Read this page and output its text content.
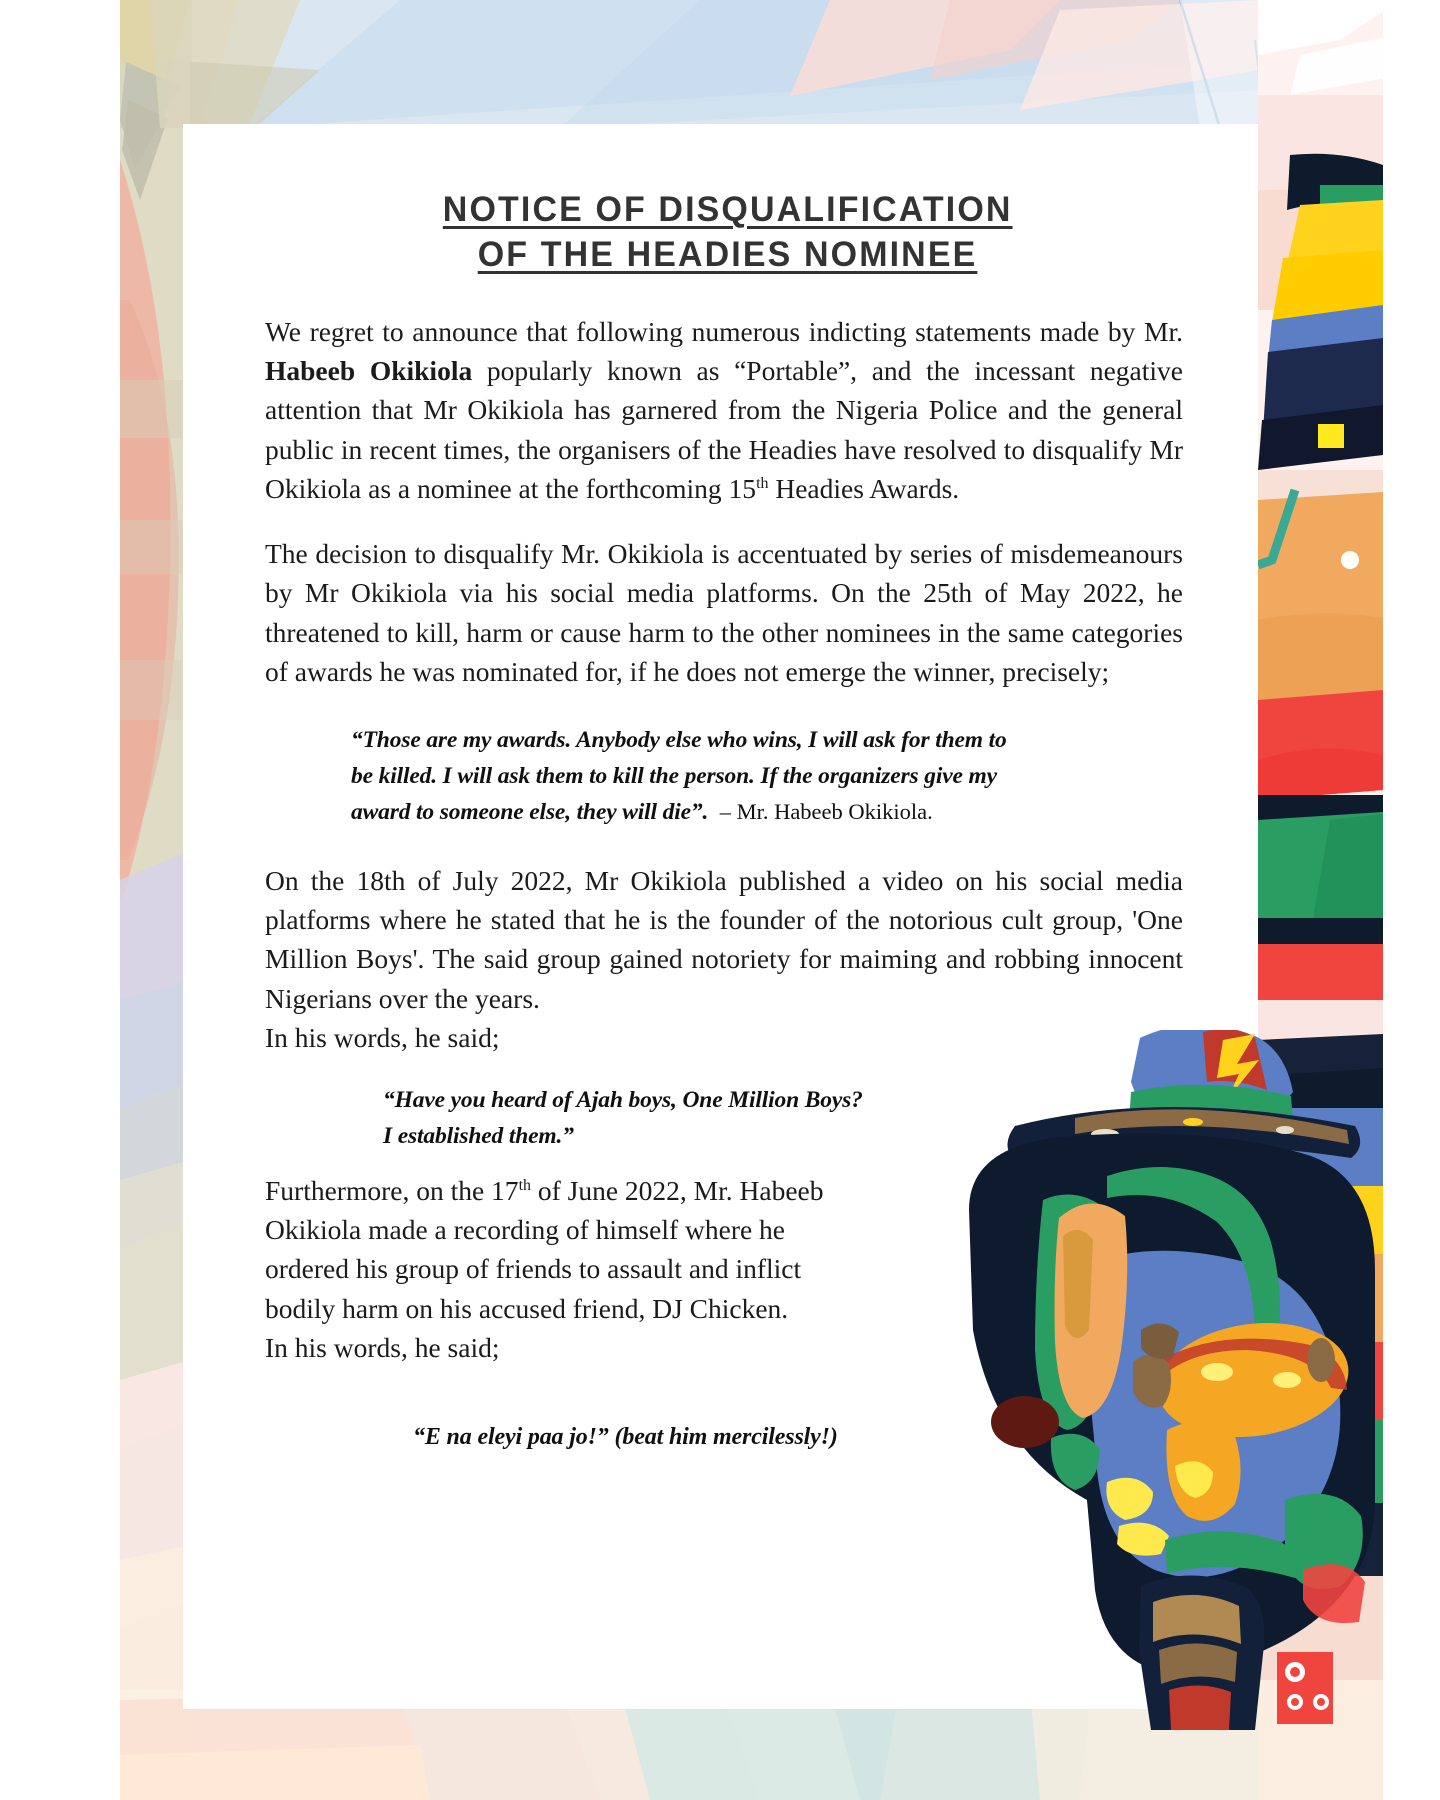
NOTICE OF DISQUALIFICATION OF THE HEADIES NOMINEE

We regret to announce that following numerous indicting statements made by Mr. Habeeb Okikiola popularly known as “Portable”, and the incessant negative attention that Mr Okikiola has garnered from the Nigeria Police and the general public in recent times, the organisers of the Headies have resolved to disqualify Mr Okikiola as a nominee at the forthcoming 15th Headies Awards.

The decision to disqualify Mr. Okikiola is accentuated by series of misdemeanours by Mr Okikiola via his social media platforms. On the 25th of May 2022, he threatened to kill, harm or cause harm to the other nominees in the same categories of awards he was nominated for, if he does not emerge the winner, precisely;

“Those are my awards. Anybody else who wins, I will ask for them to be killed. I will ask them to kill the person. If the organizers give my award to someone else, they will die”. – Mr. Habeeb Okikiola.

On the 18th of July 2022, Mr Okikiola published a video on his social media platforms where he stated that he is the founder of the notorious cult group, 'One Million Boys'. The said group gained notoriety for maiming and robbing innocent Nigerians over the years.

In his words, he said;

“Have you heard of Ajah boys, One Million Boys?
I established them.”

Furthermore, on the 17th of June 2022, Mr. Habeeb Okikiola made a recording of himself where he ordered his group of friends to assault and inflict bodily harm on his accused friend, DJ Chicken.

In his words, he said;

“E na eleyi paa jo!” (beat him mercilessly!)
